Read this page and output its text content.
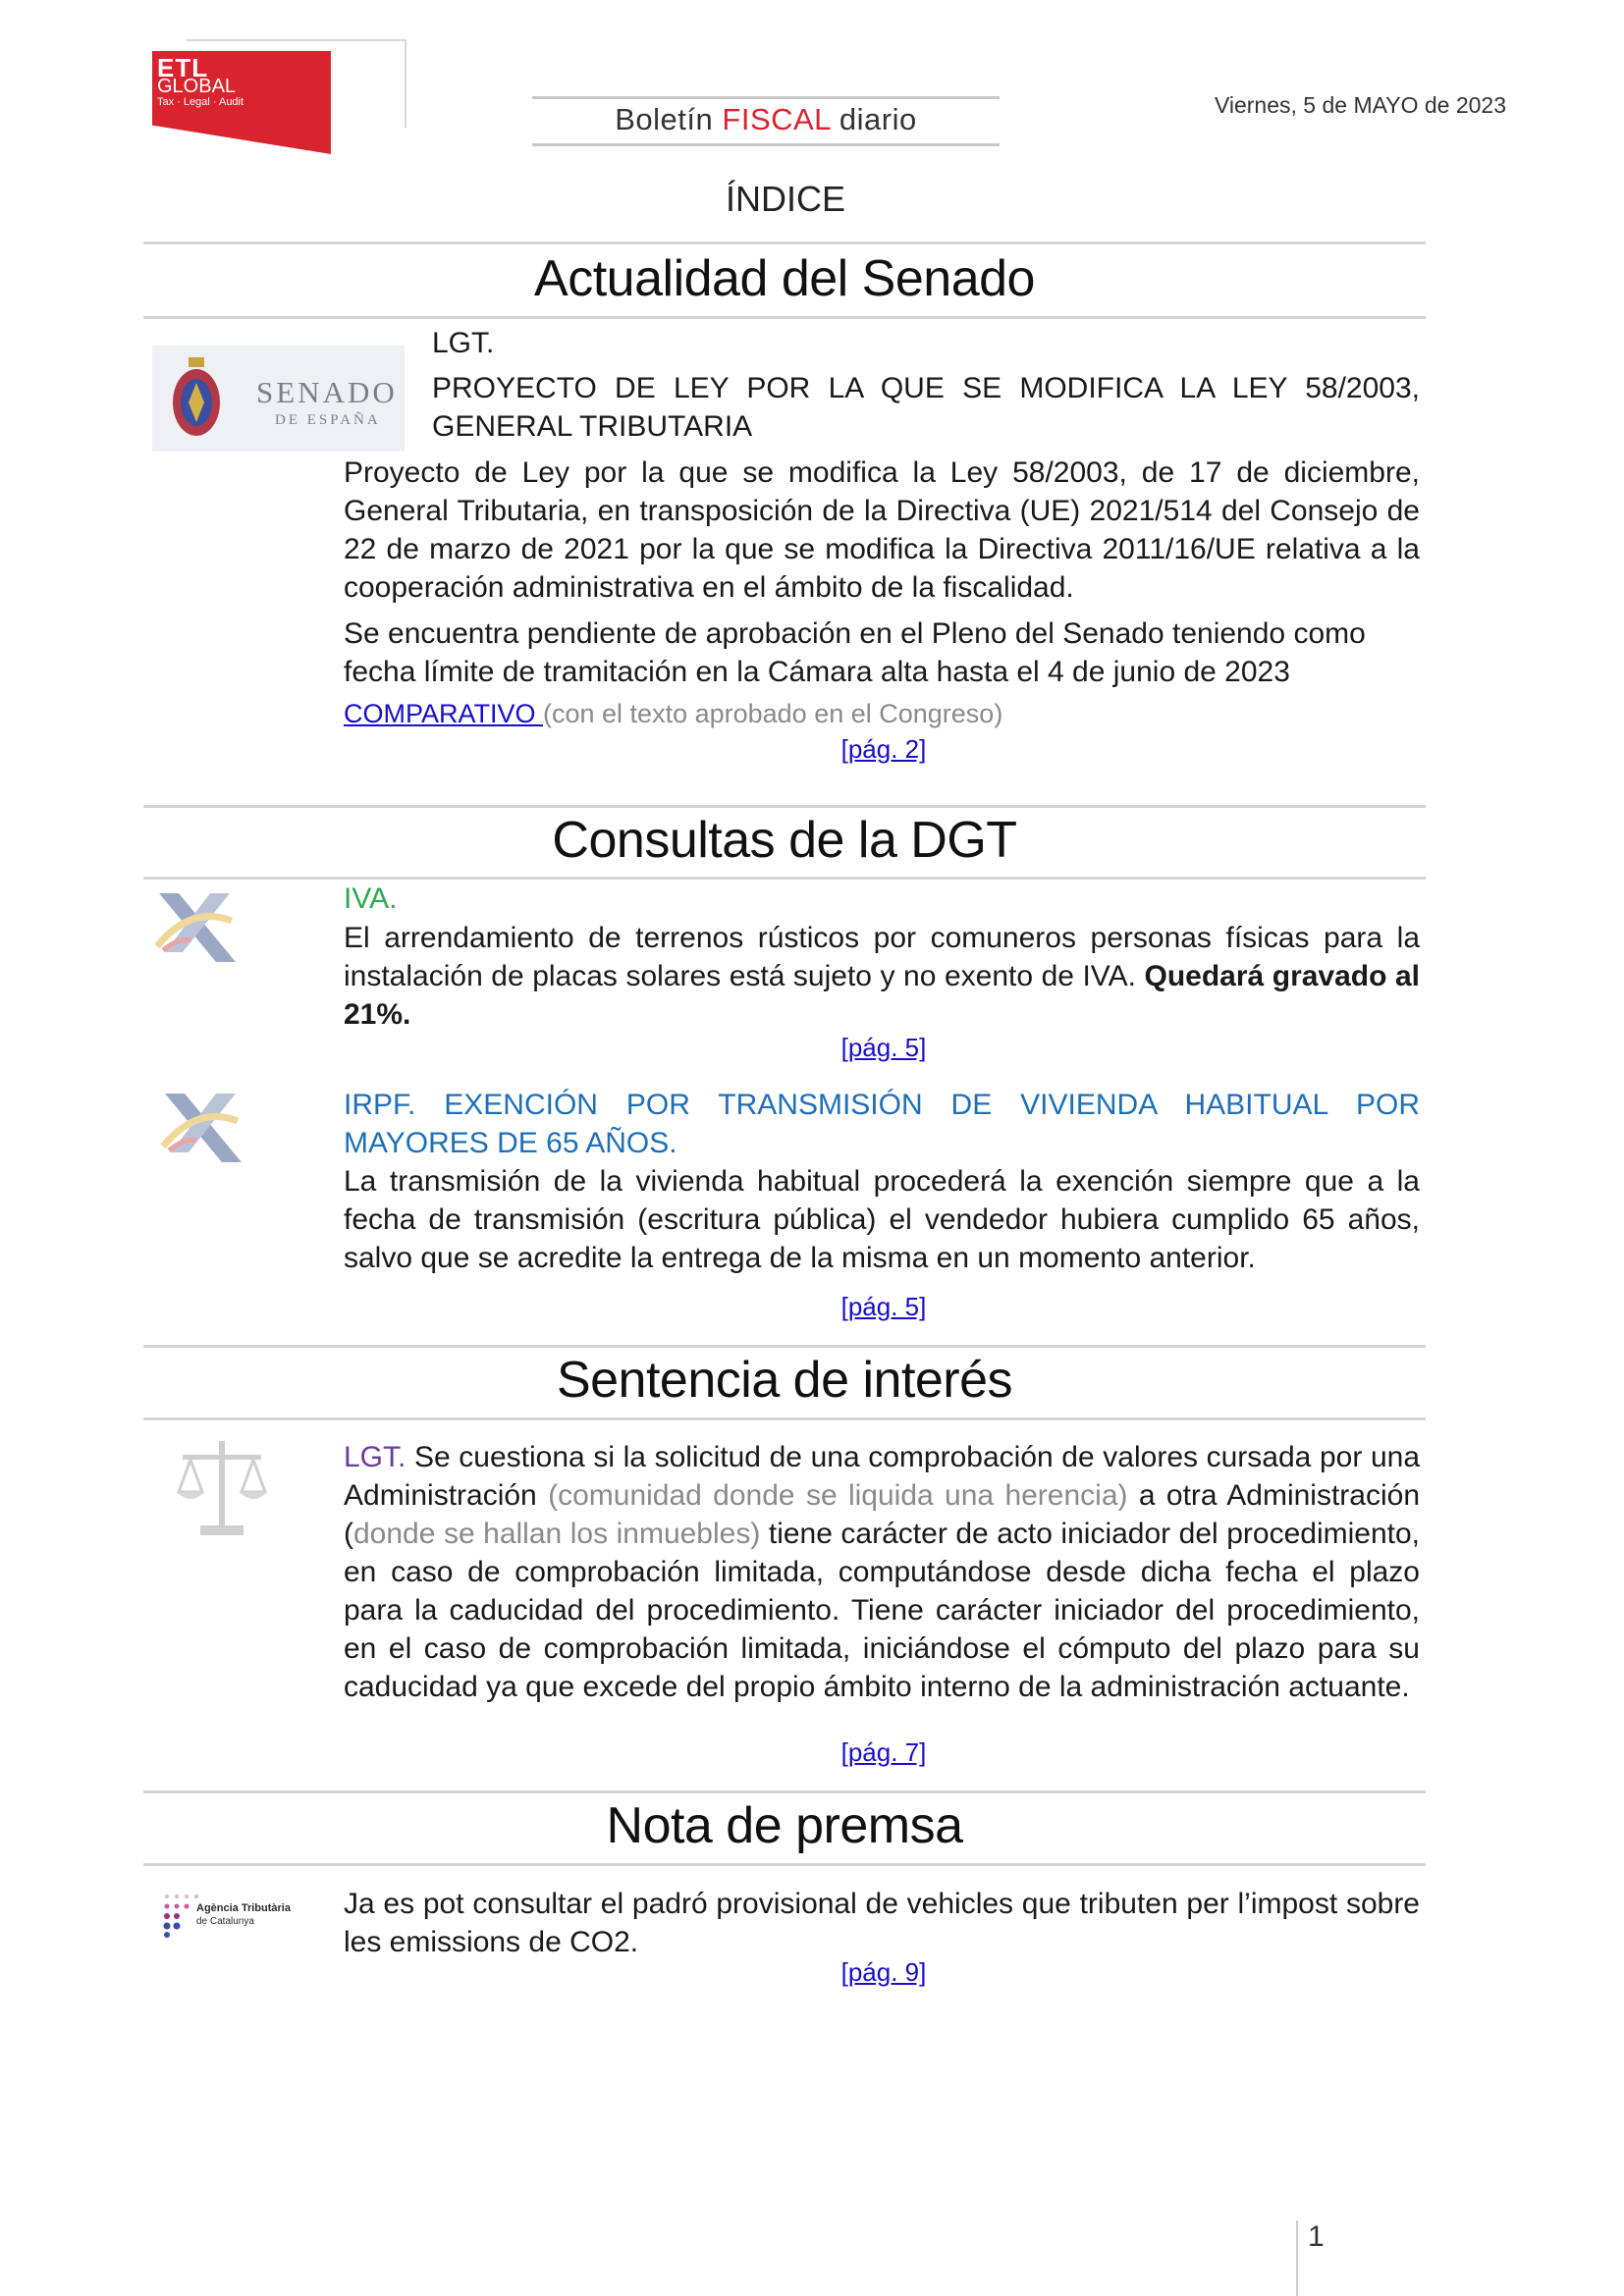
ETL
GLOBAL
Tax · Legal · Audit	Boletín FISCAL diario	Viernes, 5 de MAYO de 2023
ÍNDICE
Actualidad del Senado
SENADO
DE ESPAÑA
LGT.
PROYECTO DE LEY POR LA QUE SE MODIFICA LA LEY 58/2003, GENERAL TRIBUTARIA
Proyecto de Ley por la que se modifica la Ley 58/2003, de 17 de diciembre, General Tributaria, en transposición de la Directiva (UE) 2021/514 del Consejo de 22 de marzo de 2021 por la que se modifica la Directiva 2011/16/UE relativa a la cooperación administrativa en el ámbito de la fiscalidad.
Se encuentra pendiente de aprobación en el Pleno del Senado teniendo como fecha límite de tramitación en la Cámara alta hasta el 4 de junio de 2023
COMPARATIVO (con el texto aprobado en el Congreso)
[pág. 2]
Consultas de la DGT
IVA.
El arrendamiento de terrenos rústicos por comuneros personas físicas para la instalación de placas solares está sujeto y no exento de IVA. Quedará gravado al 21%.
[pág. 5]
IRPF. EXENCIÓN POR TRANSMISIÓN DE VIVIENDA HABITUAL POR MAYORES DE 65 AÑOS.
La transmisión de la vivienda habitual procederá la exención siempre que a la fecha de transmisión (escritura pública) el vendedor hubiera cumplido 65 años, salvo que se acredite la entrega de la misma en un momento anterior.
[pág. 5]
Sentencia de interés
LGT. Se cuestiona si la solicitud de una comprobación de valores cursada por una Administración (comunidad donde se liquida una herencia) a otra Administración (donde se hallan los inmuebles) tiene carácter de acto iniciador del procedimiento, en caso de comprobación limitada, computándose desde dicha fecha el plazo para la caducidad del procedimiento. Tiene carácter iniciador del procedimiento, en el caso de comprobación limitada, iniciándose el cómputo del plazo para su caducidad ya que excede del propio ámbito interno de la administración actuante.
[pág. 7]
Nota de premsa
Agència Tributària
de Catalunya
Ja es pot consultar el padró provisional de vehicles que tributen per l’impost sobre les emissions de CO2.
[pág. 9]
1
